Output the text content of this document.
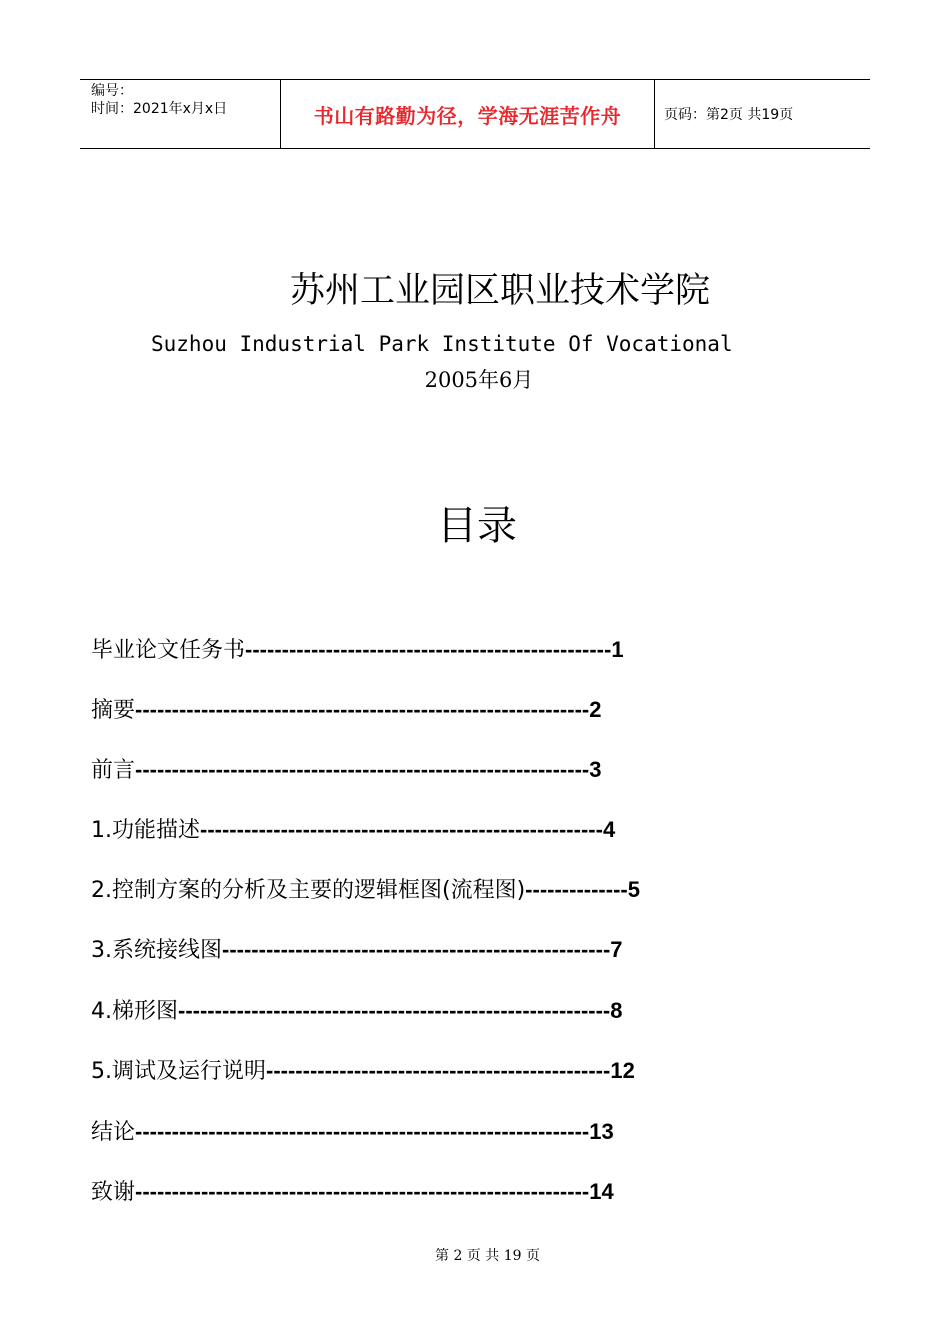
编号：
时间：2021年x月x日	书山有路勤为径，学海无涯苦作舟	页码：第2页 共19页
苏州工业园区职业技术学院
Suzhou Industrial Park Institute Of Vocational
2005年6月
目录
毕业论文任务书--------------------------------------------------1
摘要--------------------------------------------------------------2
前言--------------------------------------------------------------3
1.功能描述-------------------------------------------------------4
2.控制方案的分析及主要的逻辑框图(流程图)--------------5
3.系统接线图-----------------------------------------------------7
4.梯形图-----------------------------------------------------------8
5.调试及运行说明-----------------------------------------------12
结论--------------------------------------------------------------13
致谢--------------------------------------------------------------14
第 2 页 共 19 页
